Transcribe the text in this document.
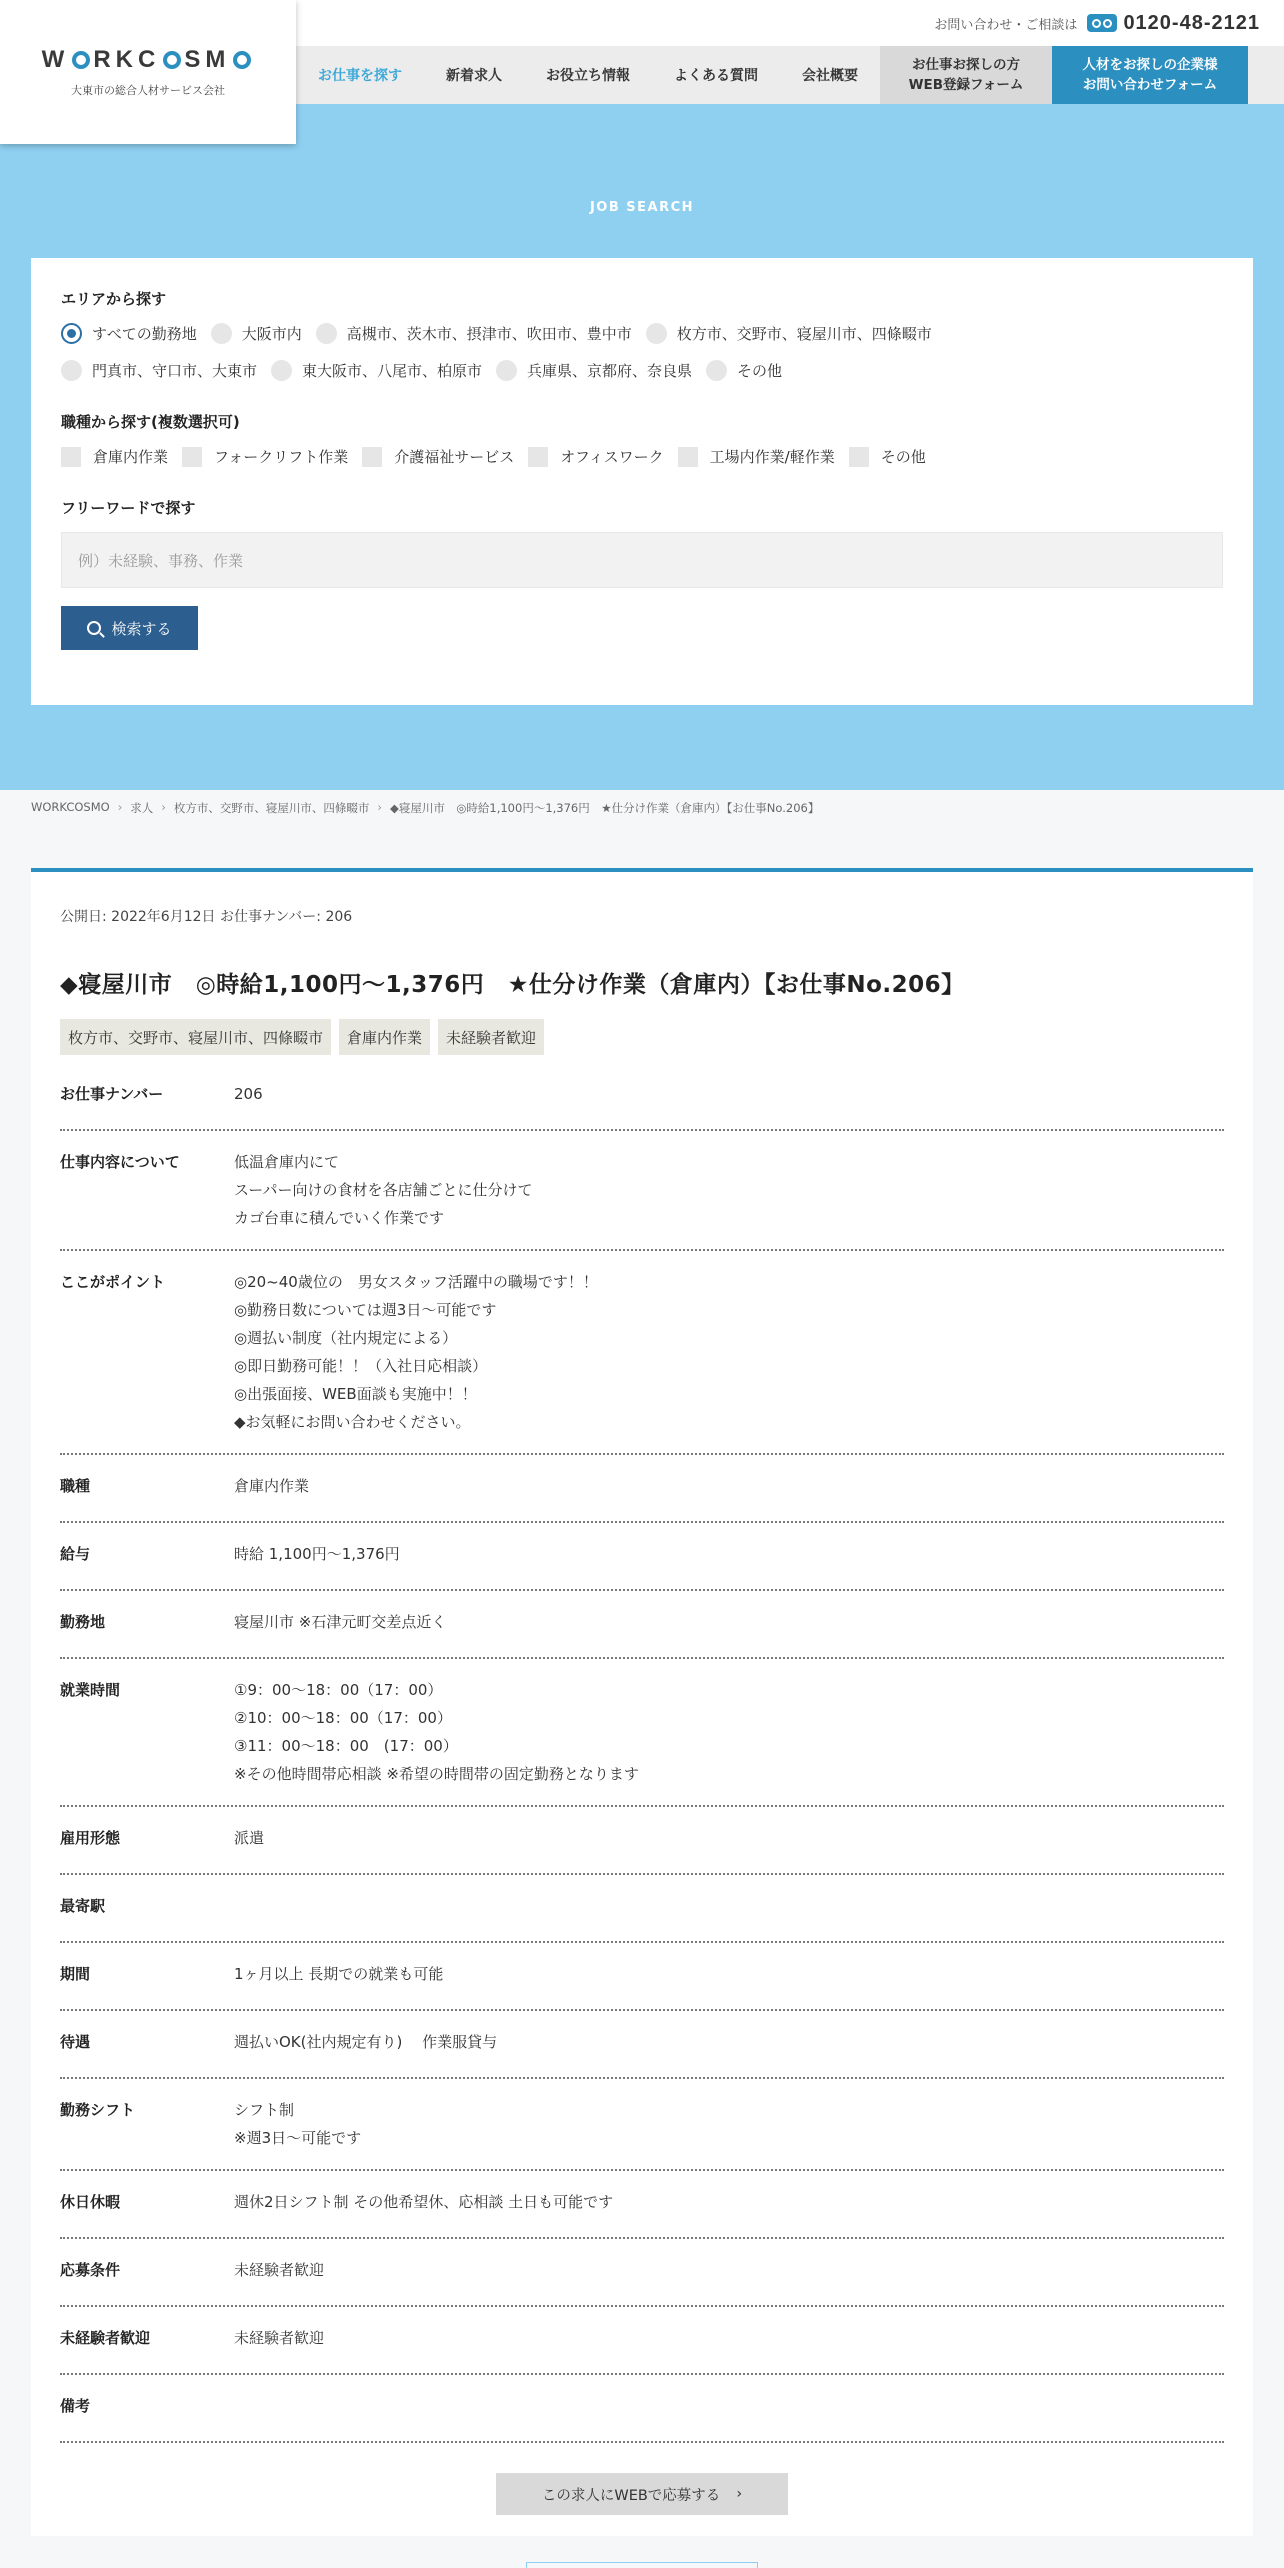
W RKC SM
大東市の総合人材サービス会社
お問い合わせ・ご相談は 0120-48-2121
お仕事を探す	新着求人	お役立ち情報	よくある質問	会社概要
お仕事お探しの方
WEB登録フォーム
人材をお探しの企業様
お問い合わせフォーム
JOB SEARCH
エリアから探す
すべての勤務地	大阪市内	高槻市、茨木市、摂津市、吹田市、豊中市	枚方市、交野市、寝屋川市、四條畷市
門真市、守口市、大東市	東大阪市、八尾市、柏原市	兵庫県、京都府、奈良県	その他
職種から探す(複数選択可)
倉庫内作業	フォークリフト作業	介護福祉サービス	オフィスワーク	工場内作業/軽作業	その他
フリーワードで探す
例）未経験、事務、作業
検索する
WORKCOSMO › 求人 › 枚方市、交野市、寝屋川市、四條畷市 › ◆寝屋川市　◎時給1,100円〜1,376円　★仕分け作業（倉庫内）【お仕事No.206】
公開日: 2022年6月12日 お仕事ナンバー: 206
◆寝屋川市　◎時給1,100円〜1,376円　★仕分け作業（倉庫内）【お仕事No.206】
枚方市、交野市、寝屋川市、四條畷市	倉庫内作業	未経験者歓迎
お仕事ナンバー	206
仕事内容について	低温倉庫内にて
スーパー向けの食材を各店舗ごとに仕分けて
カゴ台車に積んでいく作業です
ここがポイント	◎20~40歳位の　男女スタッフ活躍中の職場です！！
◎勤務日数については週3日〜可能です
◎週払い制度（社内規定による）
◎即日勤務可能！！（入社日応相談）
◎出張面接、WEB面談も実施中！！
◆お気軽にお問い合わせください。
職種	倉庫内作業
給与	時給 1,100円〜1,376円
勤務地	寝屋川市 ※石津元町交差点近く
就業時間	①9：00〜18：00（17：00）
②10：00〜18：00（17：00）
③11：00〜18：00　(17：00）
※その他時間帯応相談 ※希望の時間帯の固定勤務となります
雇用形態	派遣
最寄駅
期間	1ヶ月以上 長期での就業も可能
待遇	週払いOK(社内規定有り)　 作業服貸与
勤務シフト	シフト制
※週3日〜可能です
休日休暇	週休2日シフト制 その他希望休、応相談 土日も可能です
応募条件	未経験者歓迎
未経験者歓迎	未経験者歓迎
備考
この求人にWEBで応募する ›
